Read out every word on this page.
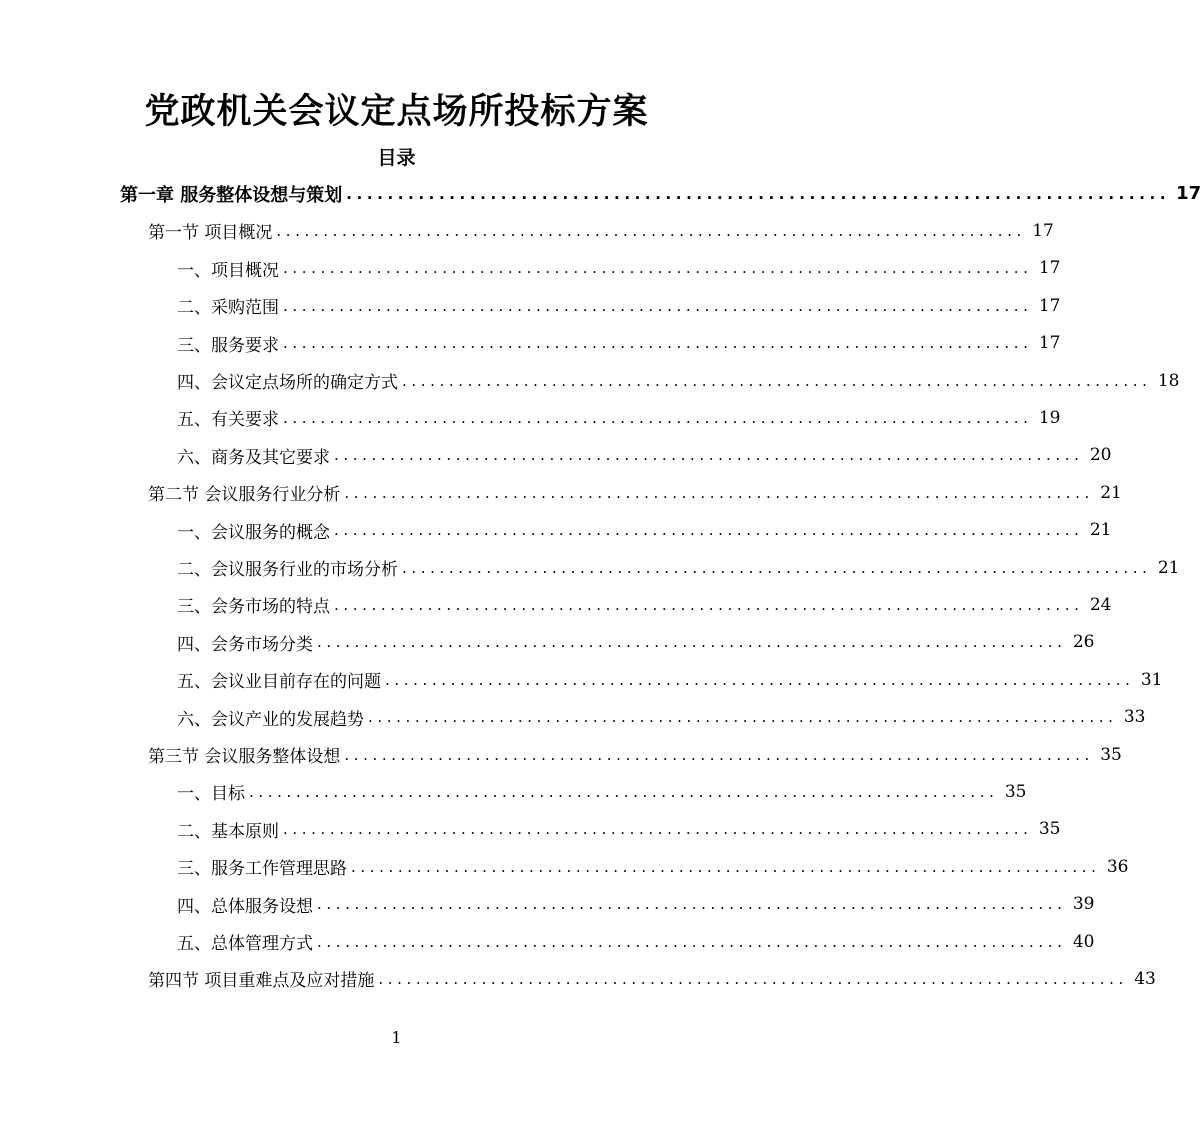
党政机关会议定点场所投标方案
目录
第一章 服务整体设想与策划 ................................................................................ 17
第一节 项目概况 ................................................................................ 17
一、项目概况 ................................................................................ 17
二、采购范围 ................................................................................ 17
三、服务要求 ................................................................................ 17
四、会议定点场所的确定方式 ................................................................................ 18
五、有关要求 ................................................................................ 19
六、商务及其它要求 ................................................................................ 20
第二节 会议服务行业分析 ................................................................................ 21
一、会议服务的概念 ................................................................................ 21
二、会议服务行业的市场分析 ................................................................................ 21
三、会务市场的特点 ................................................................................ 24
四、会务市场分类 ................................................................................ 26
五、会议业目前存在的问题 ................................................................................ 31
六、会议产业的发展趋势 ................................................................................ 33
第三节 会议服务整体设想 ................................................................................ 35
一、目标 ................................................................................ 35
二、基本原则 ................................................................................ 35
三、服务工作管理思路 ................................................................................ 36
四、总体服务设想 ................................................................................ 39
五、总体管理方式 ................................................................................ 40
第四节 项目重难点及应对措施 ................................................................................ 43
1
